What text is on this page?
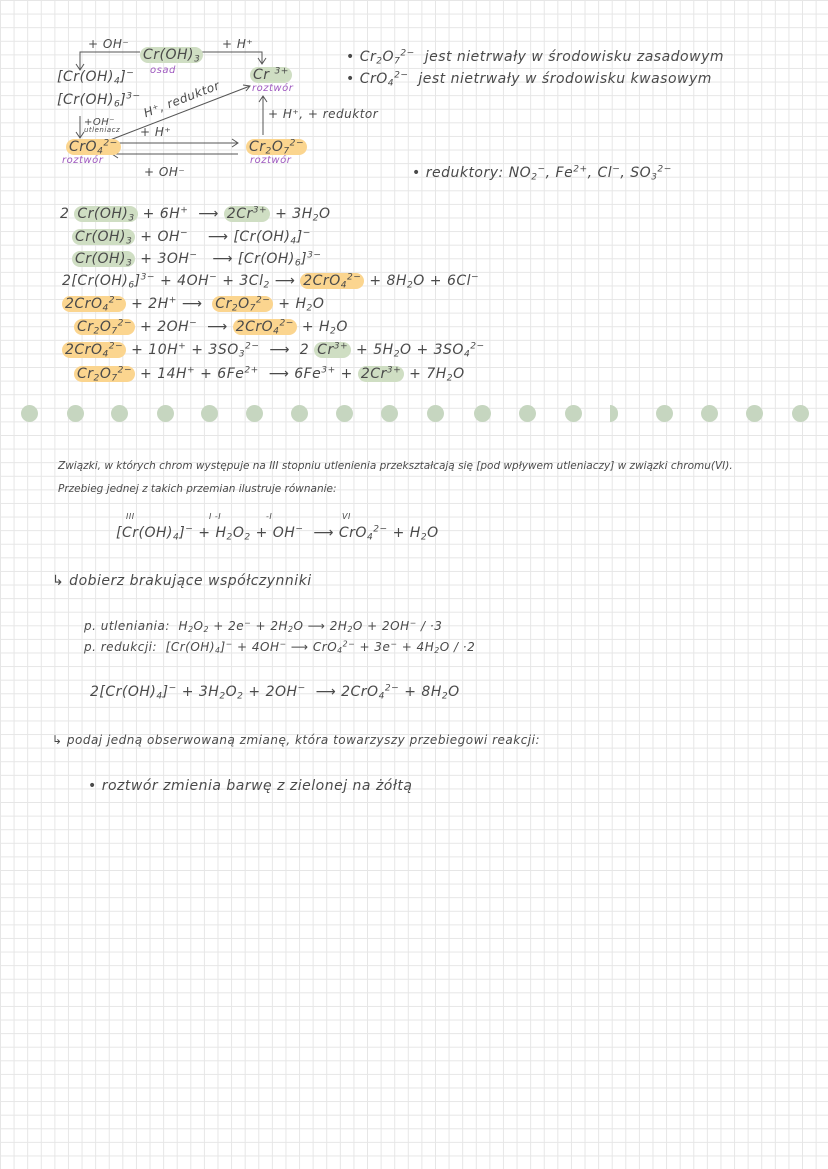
+ OH⁻
$Cr(OH)_3$
osad
+ H⁺
Cr $^{3+}$
roztwór
$[Cr(OH)_4]^-$
$[Cr(OH)_6]^{3-}$ H⁺, reduktor
+OH⁻
utleniacz + H⁺
+ H⁺, + reduktor
CrO$_4^{2-}$
roztwór
$Cr_2O_7^{2-}$
roztwór
+ OH⁻
• $Cr_2O_7^{2-}$ jest nietrwały w środowisku zasadowym
• CrO$_4^{2-}$ jest nietrwały w środowisku kwasowym
• reduktory: $NO_2^-$, $Fe^{2+}$, Cl−, $SO_3^{2-}$
2 $Cr(OH)_3 + 6H^+$  ⟶ $2Cr^{3+} + 3H_2O$
$Cr(OH)_3 + OH^-$    ⟶ $[Cr(OH)_4]^-$
$Cr(OH)_3 + 3OH^-$   ⟶ $[Cr(OH)_6]^{3-}$
$2[Cr(OH)_6]^{3-} + 4OH^- + 3Cl_2$ ⟶ $2CrO_4^{2-} + 8H_2O + 6Cl^-$
2CrO$_4^{2-}$ + 2H+ ⟶  $Cr_2O_7^{2-} + H_2O$
$Cr_2O_7^{2-} + 2OH^-$  ⟶ $2CrO_4^{2-} + H_2O$
$2CrO_4^{2-} + 10H^+ + 3SO_3^{2-}$  ⟶  2 $Cr^{3+} + 5H_2O + 3SO_4^{2-}$
$Cr_2O_7^{2-} + 14H^+ + 6Fe^{2+}$  ⟶ $6Fe^{3+} + 2Cr^{3+} + 7H_2O$
Związki, w których chrom występuje na III stopniu utlenienia przekształcają się [pod wpływem utleniaczy] w związki chromu(VI).
Przebieg jednej z takich przemian ilustruje równanie:
III	I -I	-I	VI
$[Cr(OH)_4]^- + H_2O_2 + OH^-$  ⟶ $CrO_4^{2-} + H_2O$
↳ dobierz brakujące współczynniki
p. utleniania:  $H_2O_2 + 2e^- + 2H_2O$ ⟶ $2H_2O + 2OH^- / \cdot 3$
p. redukcji:  $[Cr(OH)_4]^- + 4OH^-$ ⟶ $CrO_4^{2-} + 3e^- + 4H_2O / \cdot 2$
$2[Cr(OH)_4]^- + 3H_2O_2 + 2OH^-$  ⟶ $2CrO_4^{2-} + 8H_2O$
↳ podaj jedną obserwowaną zmianę, która towarzyszy przebiegowi reakcji:
• roztwór zmienia barwę z zielonej na żółtą
